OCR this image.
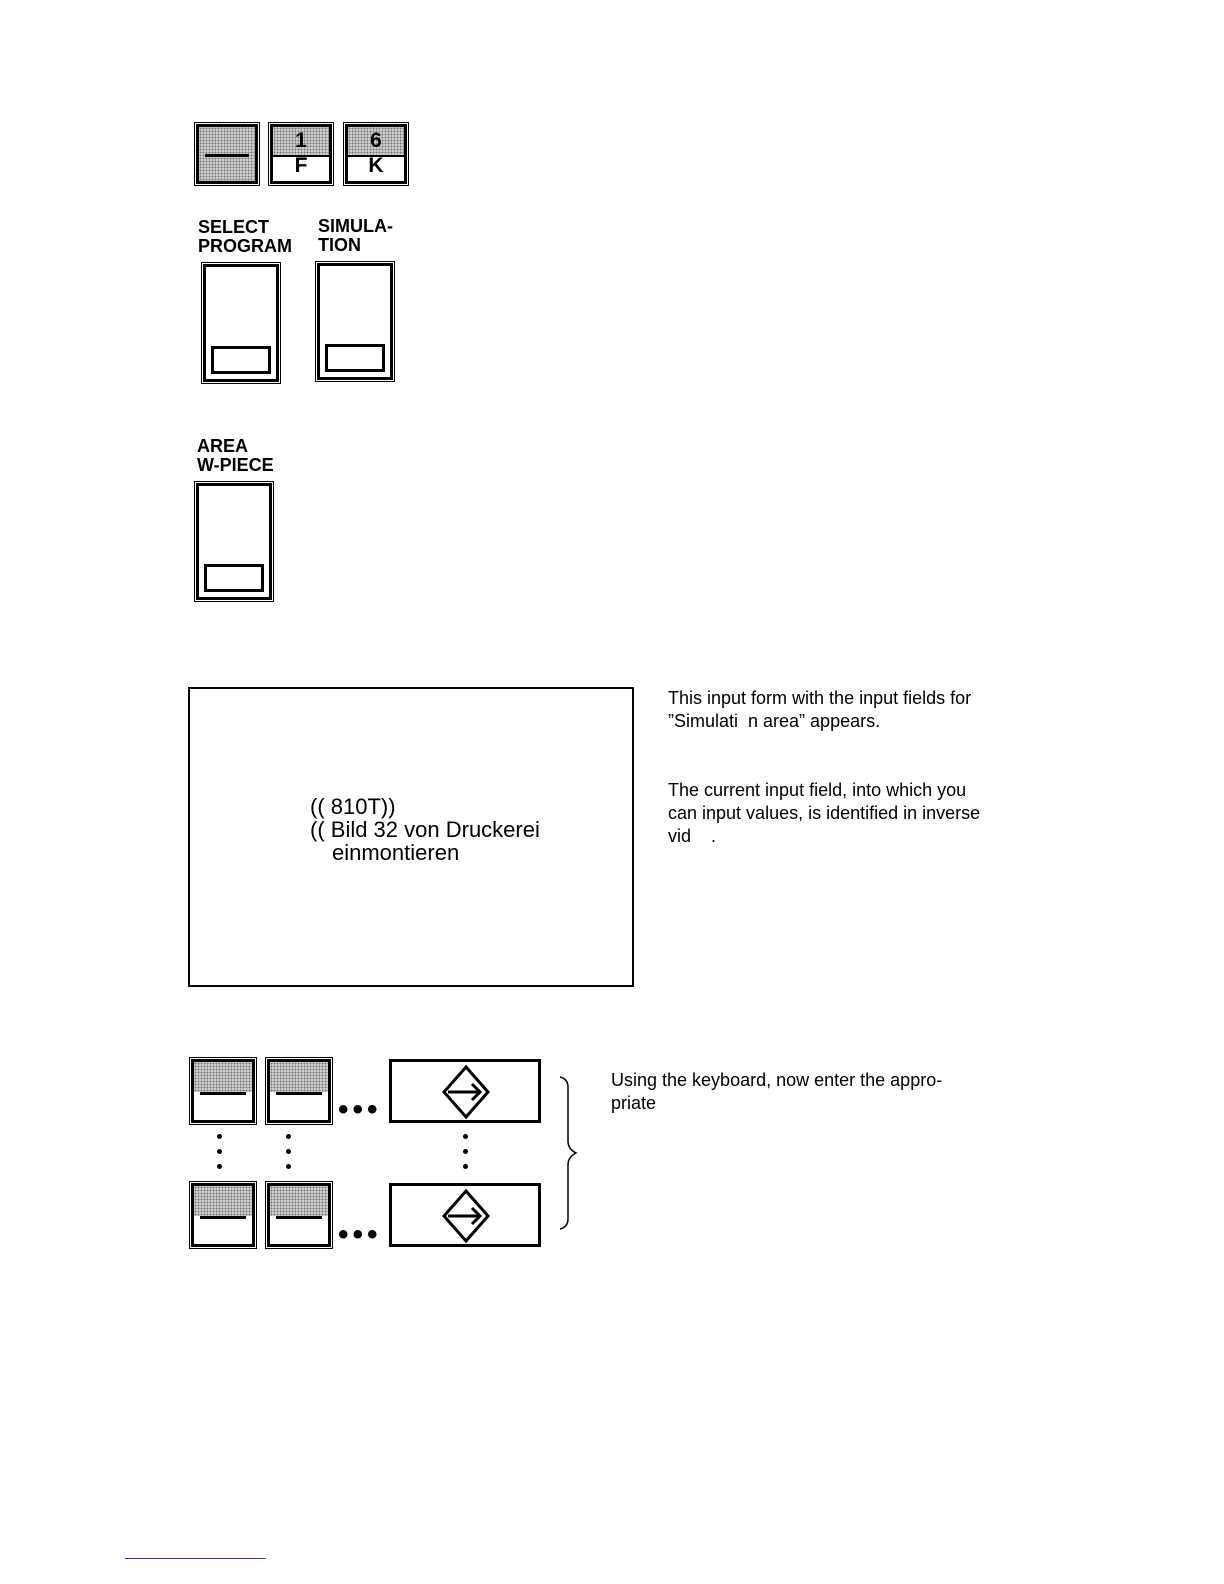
1
F
6
K
SELECT
PROGRAM
SIMULA-
TION
AREA
W-PIECE
(( 810T))
(( Bild 32 von Druckerei
einmontieren
This input form with the input fields for
”Simulati  n area” appears.
The current input field, into which you
can input values, is identified in inverse
vid    .
Using the keyboard, now enter the appro-
priate
•••
•••
